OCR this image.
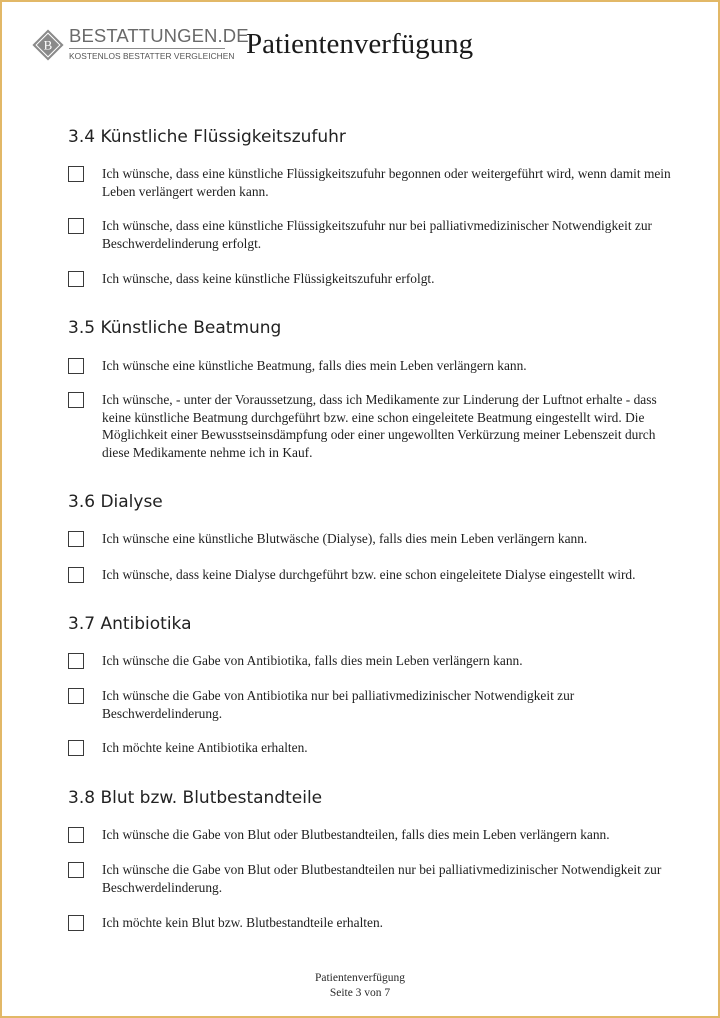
B BESTATTUNGEN.DE
KOSTENLOS BESTATTER VERGLEICHEN Patientenverfügung
3.4 Künstliche Flüssigkeitszufuhr
Ich wünsche, dass eine künstliche Flüssigkeitszufuhr begonnen oder weitergeführt wird, wenn damit mein Leben verlängert werden kann.
Ich wünsche, dass eine künstliche Flüssigkeitszufuhr nur bei palliativmedizinischer Notwendigkeit zur Beschwerdelinderung erfolgt.
Ich wünsche, dass keine künstliche Flüssigkeitszufuhr erfolgt.
3.5 Künstliche Beatmung
Ich wünsche eine künstliche Beatmung, falls dies mein Leben verlängern kann.
Ich wünsche, - unter der Voraussetzung, dass ich Medikamente zur Linderung der Luftnot erhalte - dass keine künstliche Beatmung durchgeführt bzw. eine schon eingeleitete Beatmung eingestellt wird. Die Möglichkeit einer Bewusstseinsdämpfung oder einer ungewollten Verkürzung meiner Lebenszeit durch diese Medikamente nehme ich in Kauf.
3.6 Dialyse
Ich wünsche eine künstliche Blutwäsche (Dialyse), falls dies mein Leben verlängern kann.
Ich wünsche, dass keine Dialyse durchgeführt bzw. eine schon eingeleitete Dialyse eingestellt wird.
3.7 Antibiotika
Ich wünsche die Gabe von Antibiotika, falls dies mein Leben verlängern kann.
Ich wünsche die Gabe von Antibiotika nur bei palliativmedizinischer Notwendigkeit zur Beschwerdelinderung.
Ich möchte keine Antibiotika erhalten.
3.8 Blut bzw. Blutbestandteile
Ich wünsche die Gabe von Blut oder Blutbestandteilen, falls dies mein Leben verlängern kann.
Ich wünsche die Gabe von Blut oder Blutbestandteilen nur bei palliativmedizinischer Notwendigkeit zur Beschwerdelinderung.
Ich möchte kein Blut bzw. Blutbestandteile erhalten.
Patientenverfügung
Seite 3 von 7
